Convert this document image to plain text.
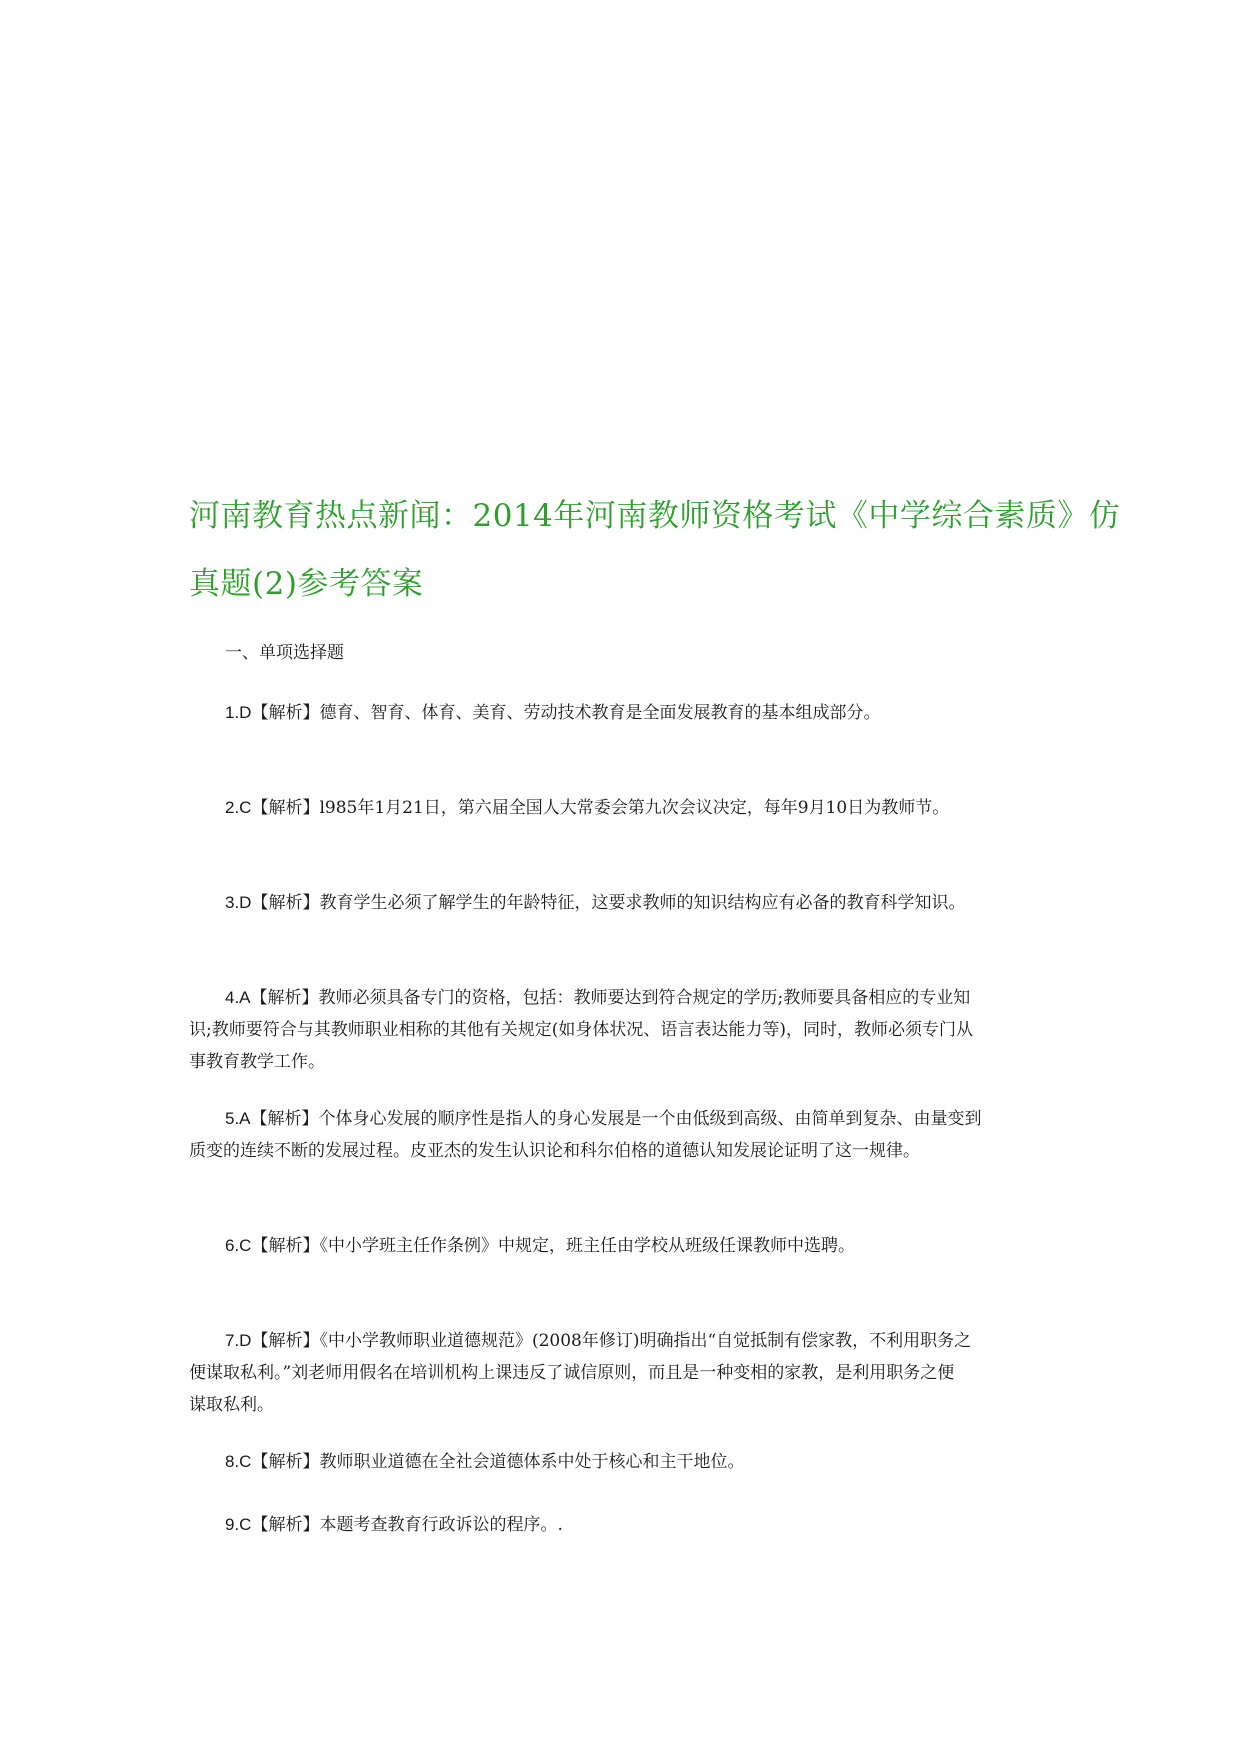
河南教育热点新闻：2014年河南教师资格考试《中学综合素质》仿
真题(2)参考答案

一、单项选择题

1.D【解析】德育、智育、体育、美育、劳动技术教育是全面发展教育的基本组成部分。

2.C【解析】l985年1月21日，第六届全国人大常委会第九次会议决定，每年9月10日为教师节。

3.D【解析】教育学生必须了解学生的年龄特征，这要求教师的知识结构应有必备的教育科学知识。

4.A【解析】教师必须具备专门的资格，包括：教师要达到符合规定的学历;教师要具备相应的专业知
识;教师要符合与其教师职业相称的其他有关规定(如身体状况、语言表达能力等)，同时，教师必须专门从
事教育教学工作。

5.A【解析】个体身心发展的顺序性是指人的身心发展是一个由低级到高级、由简单到复杂、由量变到
质变的连续不断的发展过程。皮亚杰的发生认识论和科尔伯格的道德认知发展论证明了这一规律。

6.C【解析】《中小学班主任作条例》中规定，班主任由学校从班级任课教师中选聘。

7.D【解析】《中小学教师职业道德规范》(2008年修订)明确指出“自觉抵制有偿家教，不利用职务之
便谋取私利。”刘老师用假名在培训机构上课违反了诚信原则，而且是一种变相的家教，是利用职务之便
谋取私利。

8.C【解析】教师职业道德在全社会道德体系中处于核心和主干地位。

9.C【解析】本题考查教育行政诉讼的程序。.
